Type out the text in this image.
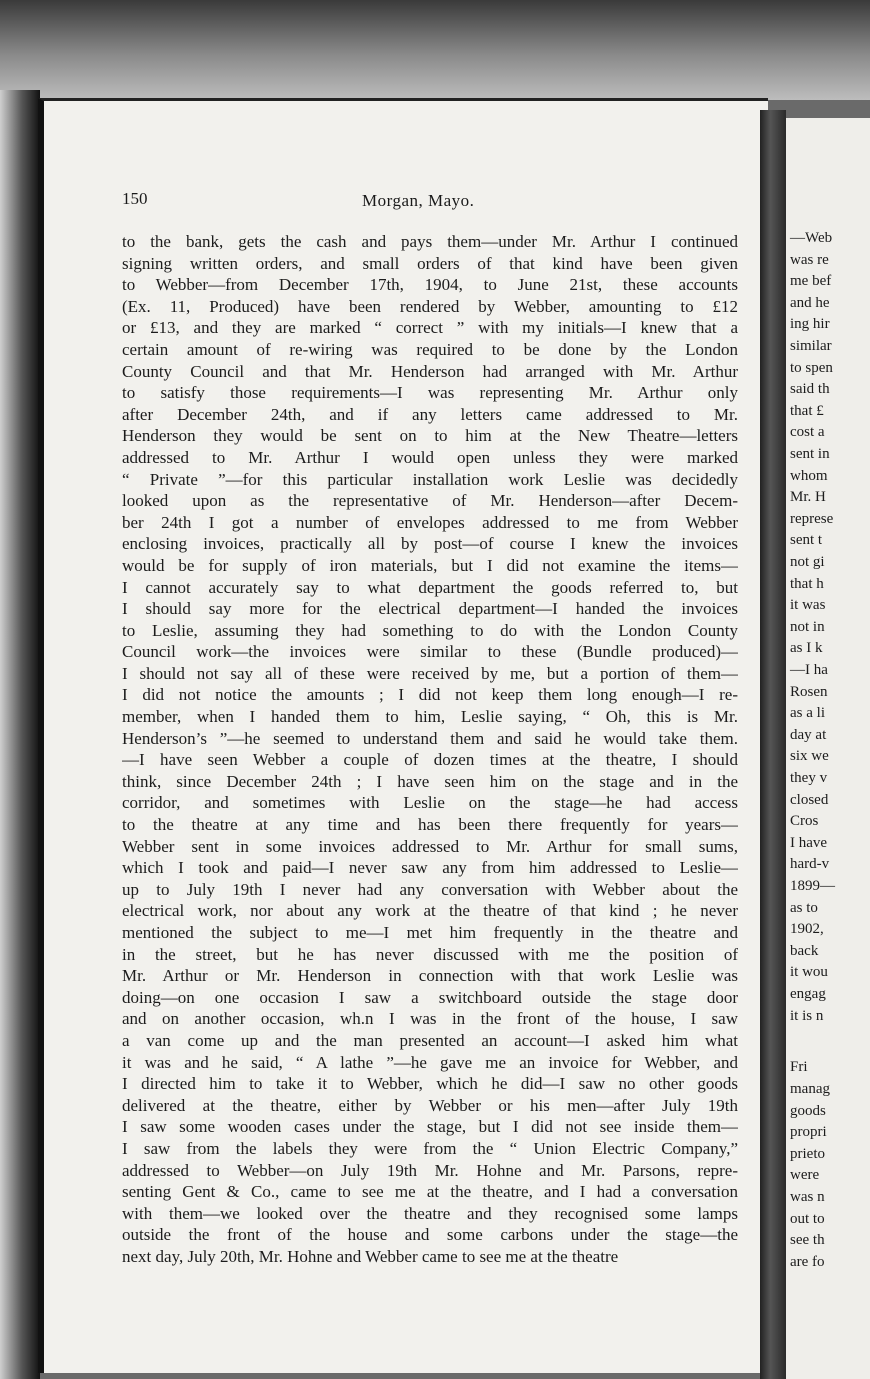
150	Morgan, Mayo.
to the bank, gets the cash and pays them—under Mr. Arthur I continued
signing written orders, and small orders of that kind have been given
to Webber—from December 17th, 1904, to June 21st, these accounts
(Ex. 11, Produced) have been rendered by Webber, amounting to £12
or £13, and they are marked “ correct ” with my initials—I knew that a
certain amount of re-wiring was required to be done by the London
County Council and that Mr. Henderson had arranged with Mr. Arthur
to satisfy those requirements—I was representing Mr. Arthur only
after December 24th, and if any letters came addressed to Mr.
Henderson they would be sent on to him at the New Theatre—letters
addressed to Mr. Arthur I would open unless they were marked
“ Private ”—for this particular installation work Leslie was decidedly
looked upon as the representative of Mr. Henderson—after Decem-
ber 24th I got a number of envelopes addressed to me from Webber
enclosing invoices, practically all by post—of course I knew the invoices
would be for supply of iron materials, but I did not examine the items—
I cannot accurately say to what department the goods referred to, but
I should say more for the electrical department—I handed the invoices
to Leslie, assuming they had something to do with the London County
Council work—the invoices were similar to these (Bundle produced)—
I should not say all of these were received by me, but a portion of them—
I did not notice the amounts ; I did not keep them long enough—I re-
member, when I handed them to him, Leslie saying, “ Oh, this is Mr.
Henderson’s ”—he seemed to understand them and said he would take them.
—I have seen Webber a couple of dozen times at the theatre, I should
think, since December 24th ; I have seen him on the stage and in the
corridor, and sometimes with Leslie on the stage—he had access
to the theatre at any time and has been there frequently for years—
Webber sent in some invoices addressed to Mr. Arthur for small sums,
which I took and paid—I never saw any from him addressed to Leslie—
up to July 19th I never had any conversation with Webber about the
electrical work, nor about any work at the theatre of that kind ; he never
mentioned the subject to me—I met him frequently in the theatre and
in the street, but he has never discussed with me the position of
Mr. Arthur or Mr. Henderson in connection with that work Leslie was
doing—on one occasion I saw a switchboard outside the stage door
and on another occasion, wh.n I was in the front of the house, I saw
a van come up and the man presented an account—I asked him what
it was and he said, “ A lathe ”—he gave me an invoice for Webber, and
I directed him to take it to Webber, which he did—I saw no other goods
delivered at the theatre, either by Webber or his men—after July 19th
I saw some wooden cases under the stage, but I did not see inside them—
I saw from the labels they were from the “ Union Electric Company,”
addressed to Webber—on July 19th Mr. Hohne and Mr. Parsons, repre-
senting Gent & Co., came to see me at the theatre, and I had a conversation
with them—we looked over the theatre and they recognised some lamps
outside the front of the house and some carbons under the stage—the
next day, July 20th, Mr. Hohne and Webber came to see me at the theatre
—Web
was re
me bef
and he
ing hir
similar
to spen
said th
that £
cost a
sent in
whom
Mr. H
represe
sent t
not gi
that h
it was
not in
as I k
—I ha
Rosen
as a li
day at
six we
they v
closed
Cros
I have
hard-v
1899—
as to
1902,
back
it wou
engag
it is n
Fri
manag
goods
propri
prieto
were
was n
out to
see th
are fo
